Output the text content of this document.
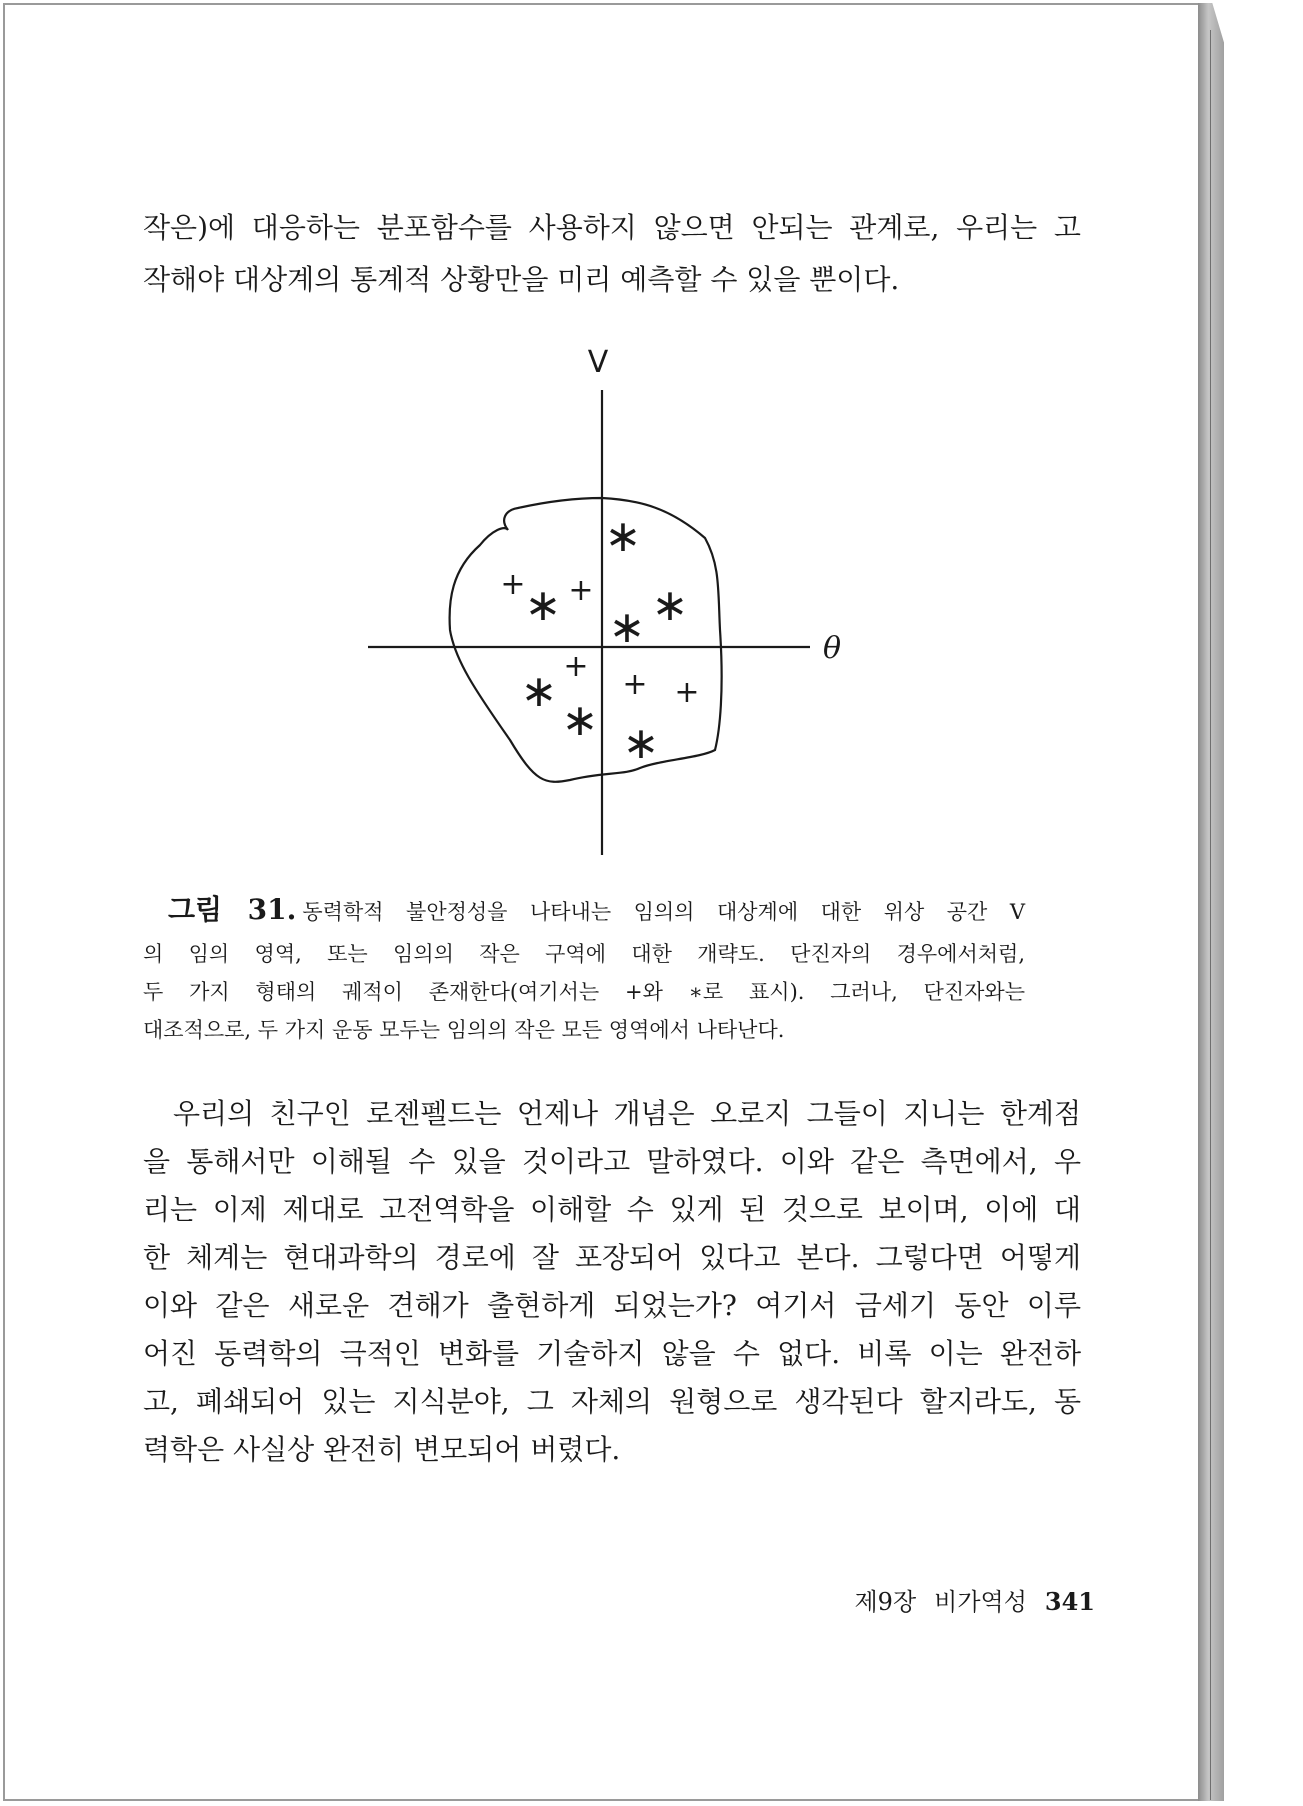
작은)에 대응하는 분포함수를 사용하지 않으면 안되는 관계로, 우리는 고

작해야 대상계의 통계적 상황만을 미리 예측할 수 있을 뿐이다.

V
θ
+ +
+
+ +
∗
∗ ∗
∗
∗
∗ ∗
그림 31. 동력학적 불안정성을 나타내는 임의의 대상계에 대한 위상 공간 V

의 임의 영역, 또는 임의의 작은 구역에 대한 개략도. 단진자의 경우에서처럼,

두 가지 형태의 궤적이 존재한다(여기서는 +와 ∗로 표시). 그러나, 단진자와는

대조적으로, 두 가지 운동 모두는 임의의 작은 모든 영역에서 나타난다.

우리의 친구인 로젠펠드는 언제나 개념은 오로지 그들이 지니는 한계점

을 통해서만 이해될 수 있을 것이라고 말하였다. 이와 같은 측면에서, 우

리는 이제 제대로 고전역학을 이해할 수 있게 된 것으로 보이며, 이에 대

한 체계는 현대과학의 경로에 잘 포장되어 있다고 본다. 그렇다면 어떻게

이와 같은 새로운 견해가 출현하게 되었는가? 여기서 금세기 동안 이루

어진 동력학의 극적인 변화를 기술하지 않을 수 없다. 비록 이는 완전하

고, 폐쇄되어 있는 지식분야, 그 자체의 원형으로 생각된다 할지라도, 동

력학은 사실상 완전히 변모되어 버렸다.

제9장 비가역성 341
